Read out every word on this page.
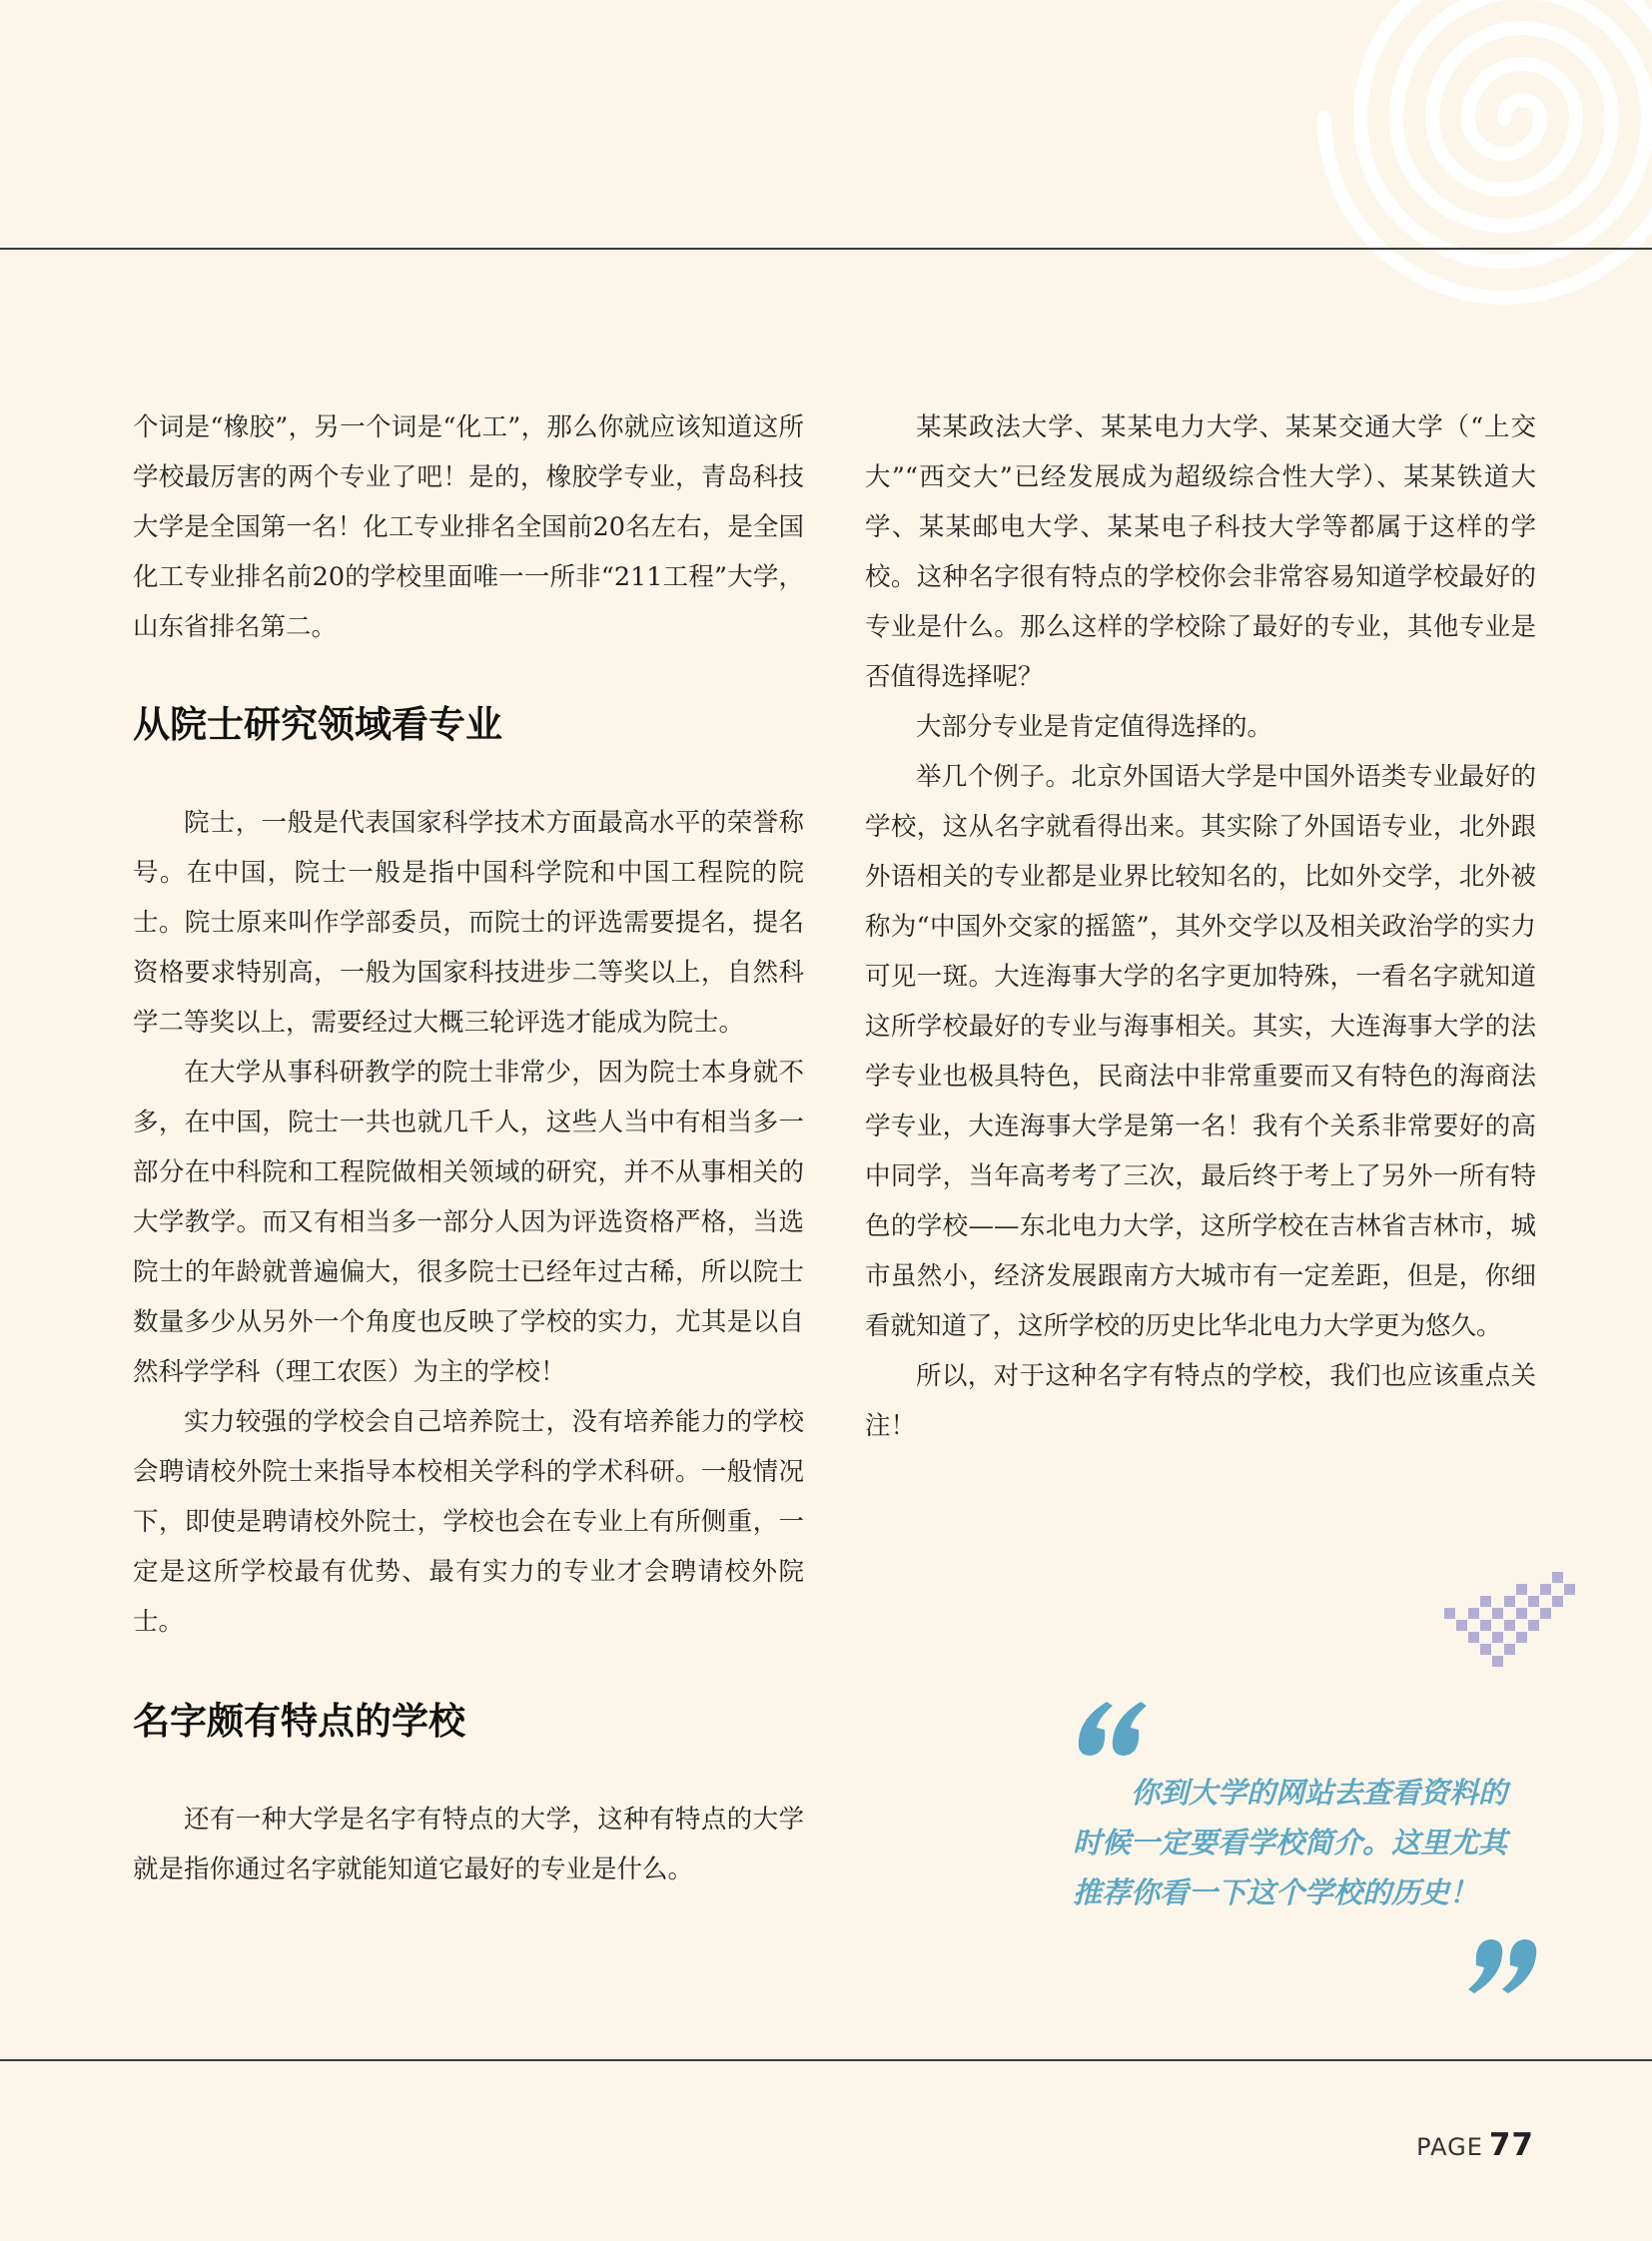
个词是“橡胶”，另一个词是“化工”，那么你就应该知道这所学校最厉害的两个专业了吧！是的，橡胶学专业，青岛科技大学是全国第一名！化工专业排名全国前20名左右，是全国化工专业排名前20的学校里面唯一一所非“211工程”大学，山东省排名第二。

从院士研究领域看专业

院士，一般是代表国家科学技术方面最高水平的荣誉称号。在中国，院士一般是指中国科学院和中国工程院的院士。院士原来叫作学部委员，而院士的评选需要提名，提名资格要求特别高，一般为国家科技进步二等奖以上，自然科学二等奖以上，需要经过大概三轮评选才能成为院士。

在大学从事科研教学的院士非常少，因为院士本身就不多，在中国，院士一共也就几千人，这些人当中有相当多一部分在中科院和工程院做相关领域的研究，并不从事相关的大学教学。而又有相当多一部分人因为评选资格严格，当选院士的年龄就普遍偏大，很多院士已经年过古稀，所以院士数量多少从另外一个角度也反映了学校的实力，尤其是以自然科学学科（理工农医）为主的学校！

实力较强的学校会自己培养院士，没有培养能力的学校会聘请校外院士来指导本校相关学科的学术科研。一般情况下，即使是聘请校外院士，学校也会在专业上有所侧重，一定是这所学校最有优势、最有实力的专业才会聘请校外院士。

名字颇有特点的学校

还有一种大学是名字有特点的大学，这种有特点的大学就是指你通过名字就能知道它最好的专业是什么。

某某政法大学、某某电力大学、某某交通大学（“上交大”“西交大”已经发展成为超级综合性大学）、某某铁道大学、某某邮电大学、某某电子科技大学等都属于这样的学校。这种名字很有特点的学校你会非常容易知道学校最好的专业是什么。那么这样的学校除了最好的专业，其他专业是否值得选择呢？

大部分专业是肯定值得选择的。

举几个例子。北京外国语大学是中国外语类专业最好的学校，这从名字就看得出来。其实除了外国语专业，北外跟外语相关的专业都是业界比较知名的，比如外交学，北外被称为“中国外交家的摇篮”，其外交学以及相关政治学的实力可见一斑。大连海事大学的名字更加特殊，一看名字就知道这所学校最好的专业与海事相关。其实，大连海事大学的法学专业也极具特色，民商法中非常重要而又有特色的海商法学专业，大连海事大学是第一名！我有个关系非常要好的高中同学，当年高考考了三次，最后终于考上了另外一所有特色的学校——东北电力大学，这所学校在吉林省吉林市，城市虽然小，经济发展跟南方大城市有一定差距，但是，你细看就知道了，这所学校的历史比华北电力大学更为悠久。

所以，对于这种名字有特点的学校，我们也应该重点关注！

你到大学的网站去查看资料的
时候一定要看学校简介。这里尤其
推荐你看一下这个学校的历史！
PAGE 77
